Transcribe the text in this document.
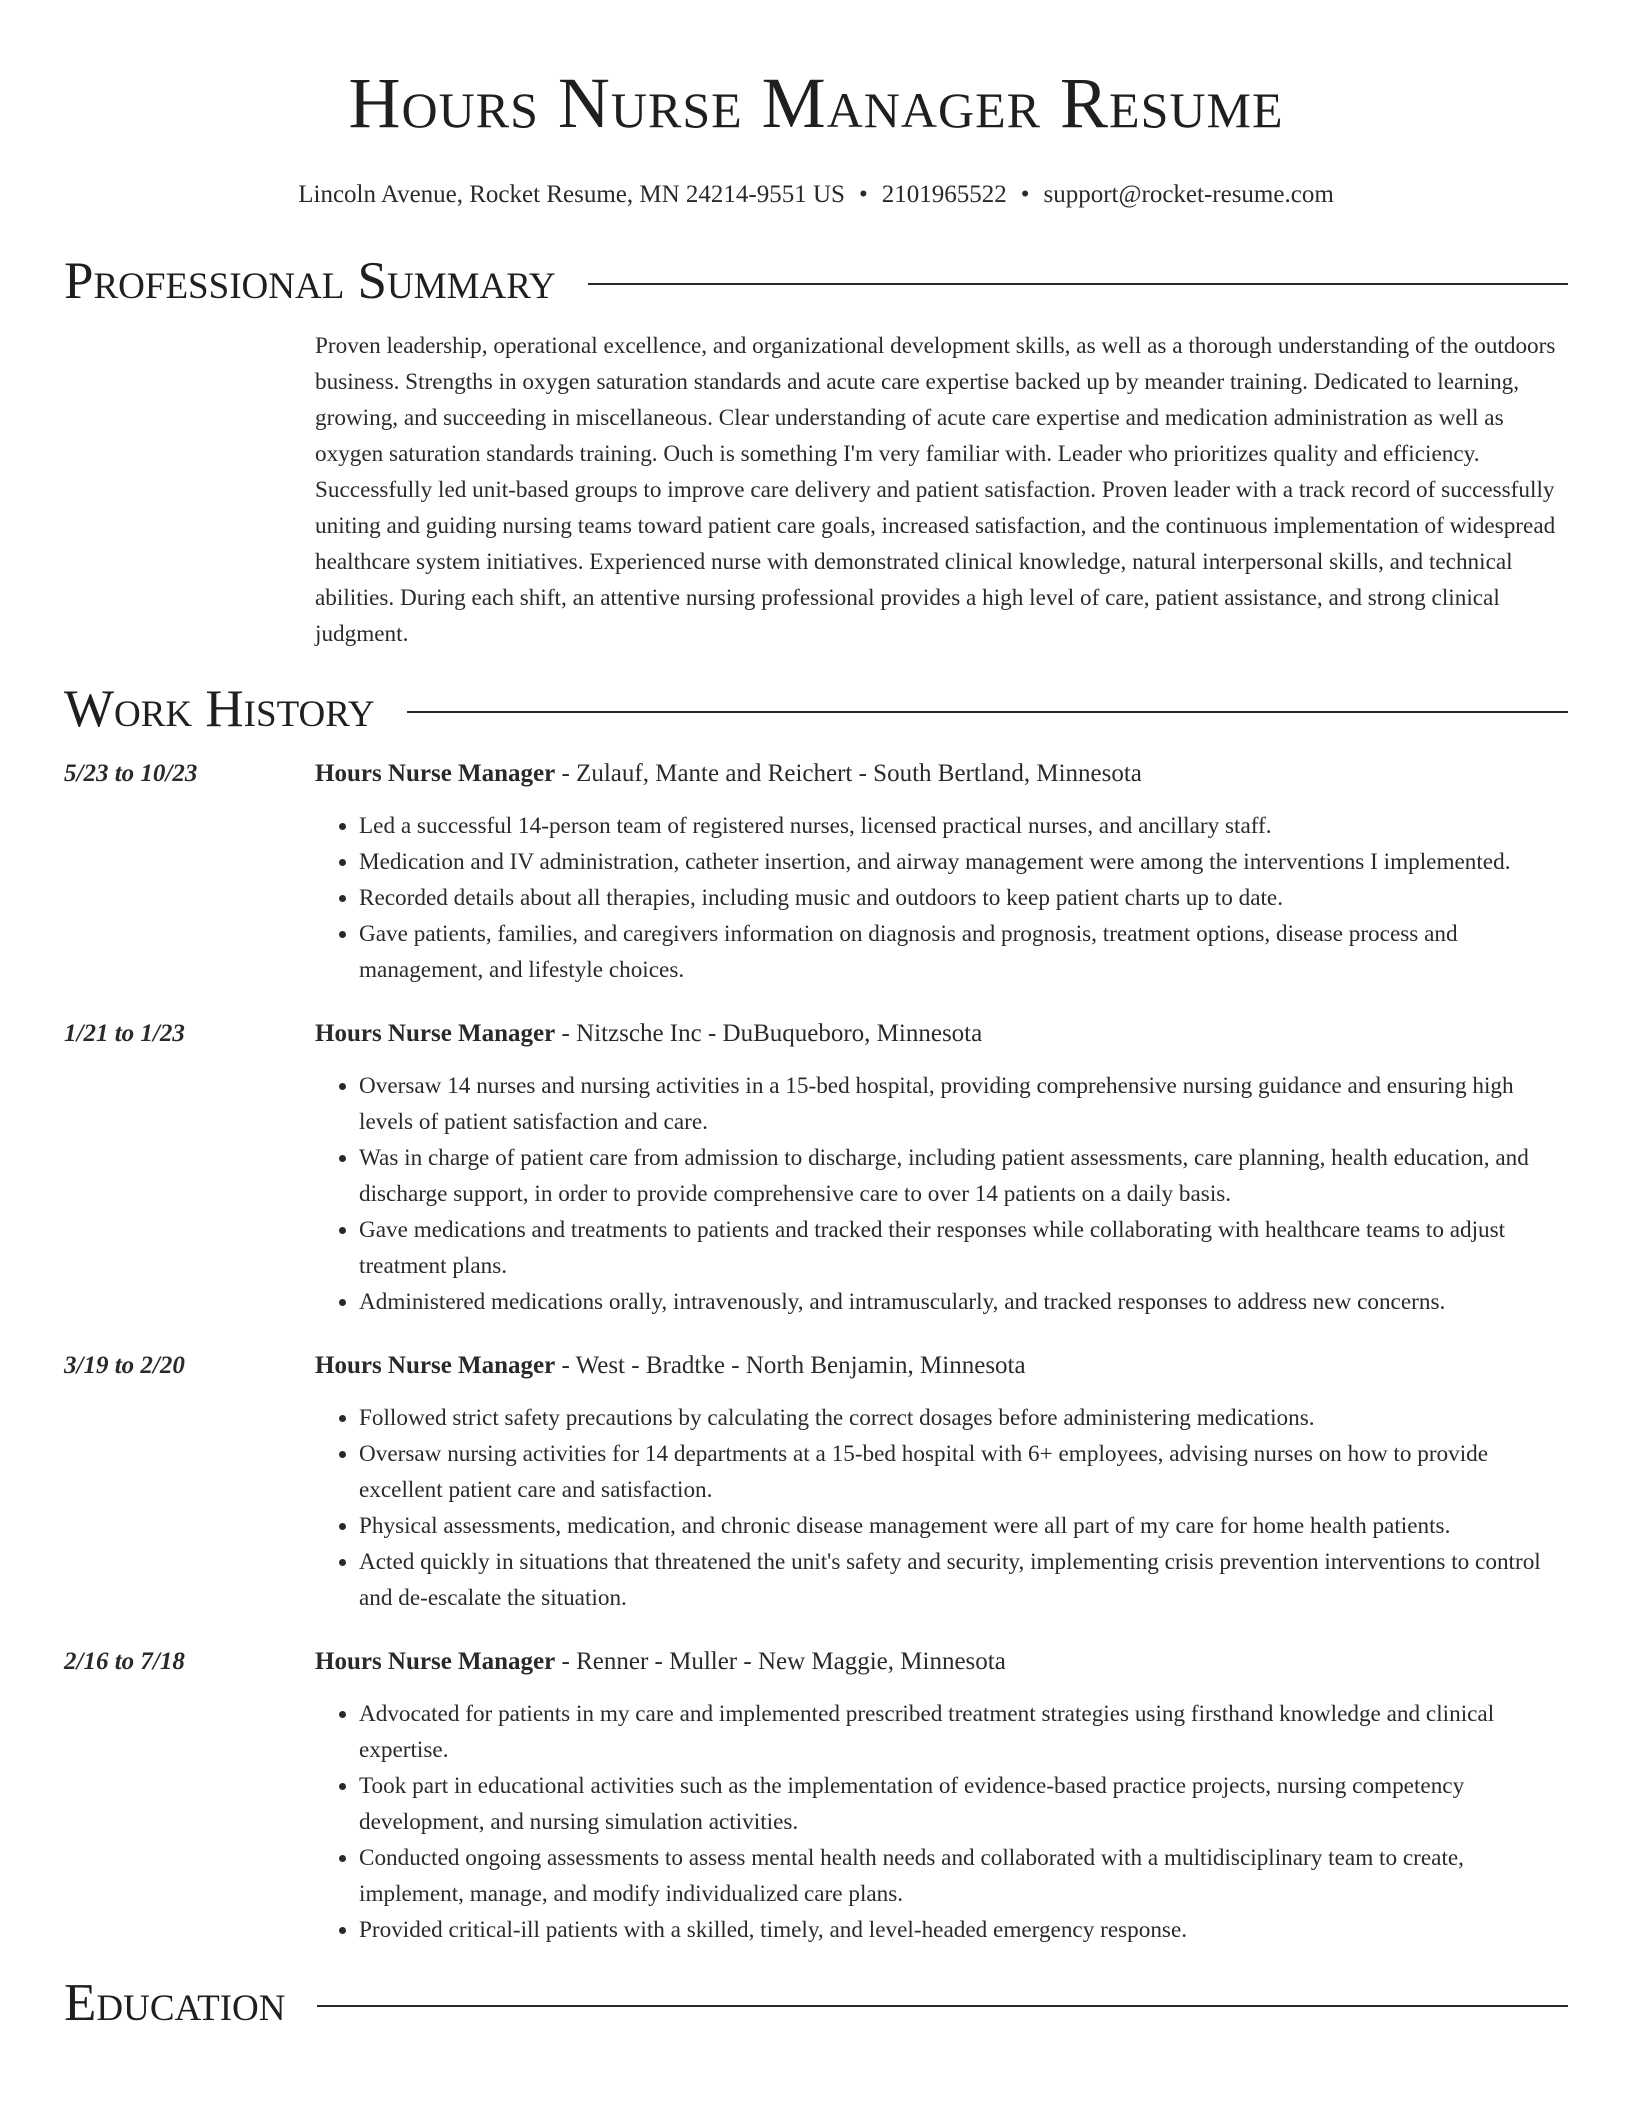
Hours Nurse Manager Resume
Lincoln Avenue, Rocket Resume, MN 24214-9551 US • 2101965522 • support@rocket-resume.com
Professional Summary
Proven leadership, operational excellence, and organizational development skills, as well as a thorough understanding of the outdoors business. Strengths in oxygen saturation standards and acute care expertise backed up by meander training. Dedicated to learning, growing, and succeeding in miscellaneous. Clear understanding of acute care expertise and medication administration as well as oxygen saturation standards training. Ouch is something I'm very familiar with. Leader who prioritizes quality and efficiency. Successfully led unit-based groups to improve care delivery and patient satisfaction. Proven leader with a track record of successfully uniting and guiding nursing teams toward patient care goals, increased satisfaction, and the continuous implementation of widespread healthcare system initiatives. Experienced nurse with demonstrated clinical knowledge, natural interpersonal skills, and technical abilities. During each shift, an attentive nursing professional provides a high level of care, patient assistance, and strong clinical judgment.
Work History
5/23 to 10/23	Hours Nurse Manager - Zulauf, Mante and Reichert - South Bertland, Minnesota
• Led a successful 14-person team of registered nurses, licensed practical nurses, and ancillary staff.
• Medication and IV administration, catheter insertion, and airway management were among the interventions I implemented.
• Recorded details about all therapies, including music and outdoors to keep patient charts up to date.
• Gave patients, families, and caregivers information on diagnosis and prognosis, treatment options, disease process and management, and lifestyle choices.
1/21 to 1/23	Hours Nurse Manager - Nitzsche Inc - DuBuqueboro, Minnesota
• Oversaw 14 nurses and nursing activities in a 15-bed hospital, providing comprehensive nursing guidance and ensuring high levels of patient satisfaction and care.
• Was in charge of patient care from admission to discharge, including patient assessments, care planning, health education, and discharge support, in order to provide comprehensive care to over 14 patients on a daily basis.
• Gave medications and treatments to patients and tracked their responses while collaborating with healthcare teams to adjust treatment plans.
• Administered medications orally, intravenously, and intramuscularly, and tracked responses to address new concerns.
3/19 to 2/20	Hours Nurse Manager - West - Bradtke - North Benjamin, Minnesota
• Followed strict safety precautions by calculating the correct dosages before administering medications.
• Oversaw nursing activities for 14 departments at a 15-bed hospital with 6+ employees, advising nurses on how to provide excellent patient care and satisfaction.
• Physical assessments, medication, and chronic disease management were all part of my care for home health patients.
• Acted quickly in situations that threatened the unit's safety and security, implementing crisis prevention interventions to control and de-escalate the situation.
2/16 to 7/18	Hours Nurse Manager - Renner - Muller - New Maggie, Minnesota
• Advocated for patients in my care and implemented prescribed treatment strategies using firsthand knowledge and clinical expertise.
• Took part in educational activities such as the implementation of evidence-based practice projects, nursing competency development, and nursing simulation activities.
• Conducted ongoing assessments to assess mental health needs and collaborated with a multidisciplinary team to create, implement, manage, and modify individualized care plans.
• Provided critical-ill patients with a skilled, timely, and level-headed emergency response.
Education
